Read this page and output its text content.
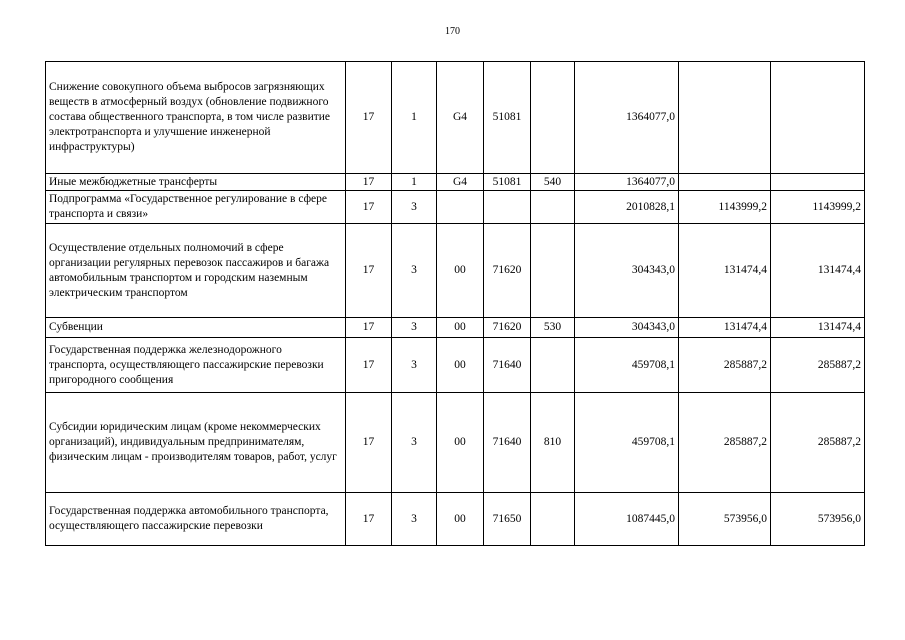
170
Снижение совокупного объема выбросов загрязняющих веществ в атмосферный воздух (обновление подвижного состава общественного транспорта, в том числе развитие электротранспорта и улучшение инженерной инфраструктуры)	17	1	G4	51081		1364077,0		
Иные межбюджетные трансферты	17	1	G4	51081	540	1364077,0		
Подпрограмма «Государственное регулирование в сфере транспорта и связи»	17	3				2010828,1	1143999,2	1143999,2
Осуществление отдельных полномочий в сфере организации регулярных перевозок пассажиров и багажа автомобильным транспортом и городским наземным электрическим транспортом	17	3	00	71620		304343,0	131474,4	131474,4
Субвенции	17	3	00	71620	530	304343,0	131474,4	131474,4
Государственная поддержка железнодорожного транспорта, осуществляющего пассажирские перевозки пригородного сообщения	17	3	00	71640		459708,1	285887,2	285887,2
Субсидии юридическим лицам (кроме некоммерческих организаций), индивидуальным предпринимателям, физическим лицам - производителям товаров, работ, услуг	17	3	00	71640	810	459708,1	285887,2	285887,2
Государственная поддержка автомобильного транспорта, осуществляющего пассажирские перевозки	17	3	00	71650		1087445,0	573956,0	573956,0
